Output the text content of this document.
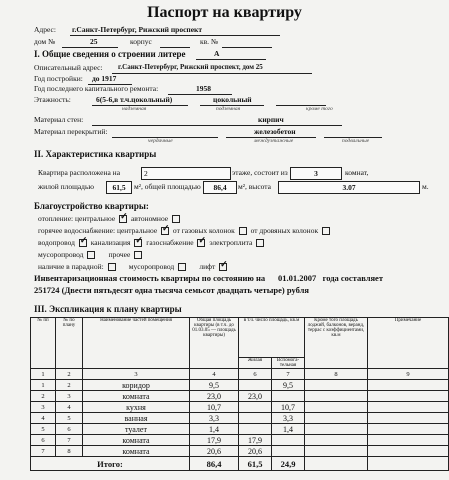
Паспорт на квартиру
Адрес: г.Санкт-Петербург, Рижский проспект
дом №	25	корпус	кв. №
I. Общие сведения о строении литере	А
Описательный адрес: г.Санкт-Петербург, Рижский проспект, дом 25
Год постройки: до 1917
Год последнего капитального ремонта:	1958
Этажность:	6(5-6,в т.ч.цокольный)	цокольный
надземная	подземная	кроме того
Материал стен:	кирпич
Материал перекрытий:	железобетон
чердачные	междуэтажные	подвальные
II. Характеристика квартиры
Квартира расположена на	2	этаже, состоит из	3	комнат,
жилой площадью	61,5	м², общей площадью	86,4	м², высота	3.07	м.
Благоустройство квартиры:
отопление: центральное ✓ автономное
горячее водоснабжение: центральное ✓ от газовых колонок от дровяных колонок
водопровод ✓ канализация ✓ газоснабжение ✓ электроплита
мусоропровод	прочее
наличие в парадной:	мусоропровод	лифт ✓
Инвентаризационная стоимость квартиры по состоянию на 01.01.2007 года составляет
251724 (Двести пятьдесят одна тысяча семьсот двадцать четыре) рубля
III. Экспликация к плану квартиры
№ пп	№ по плану	Наименование частей помещения	Общая площадь квартиры (в т.ч. до 01.03.05 — площадь квартиры)	в т.ч. число площадь, кв.м		Кроме того площадь лоджий, балконов, веранд, террас с коэффициентами, кв.м	Примечание
				Жилая	Вспомога-тельная		
1	2	3	4	6	7	8	9
1	2	коридор	9,5		9,5		
2	3	комната	23,0	23,0			
3	4	кухня	10,7		10,7		
4	5	ванная	3,3		3,3		
5	6	туалет	1,4		1,4		
6	7	комната	17,9	17,9			
7	8	комната	20,6	20,6			
Итого:			86,4	61,5	24,9		
